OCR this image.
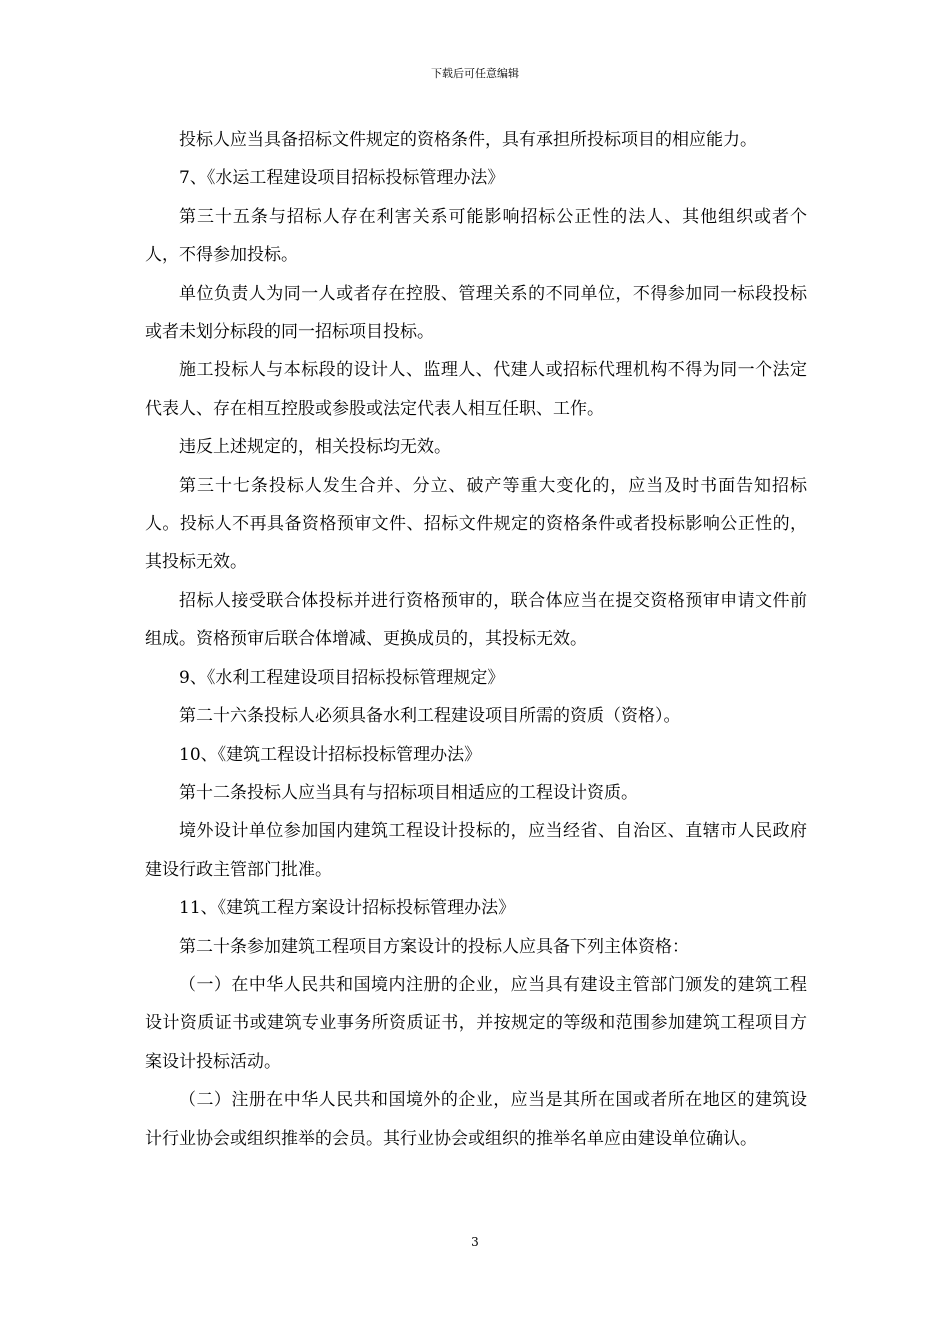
下载后可任意编辑

投标人应当具备招标文件规定的资格条件，具有承担所投标项目的相应能力。

7、《水运工程建设项目招标投标管理办法》

第三十五条与招标人存在利害关系可能影响招标公正性的法人、其他组织或者个人，不得参加投标。

单位负责人为同一人或者存在控股、管理关系的不同单位，不得参加同一标段投标或者未划分标段的同一招标项目投标。

施工投标人与本标段的设计人、监理人、代建人或招标代理机构不得为同一个法定代表人、存在相互控股或参股或法定代表人相互任职、工作。

违反上述规定的，相关投标均无效。

第三十七条投标人发生合并、分立、破产等重大变化的，应当及时书面告知招标人。投标人不再具备资格预审文件、招标文件规定的资格条件或者投标影响公正性的，其投标无效。

招标人接受联合体投标并进行资格预审的，联合体应当在提交资格预审申请文件前组成。资格预审后联合体增减、更换成员的，其投标无效。

9、《水利工程建设项目招标投标管理规定》

第二十六条投标人必须具备水利工程建设项目所需的资质（资格）。

10、《建筑工程设计招标投标管理办法》

第十二条投标人应当具有与招标项目相适应的工程设计资质。

境外设计单位参加国内建筑工程设计投标的，应当经省、自治区、直辖市人民政府建设行政主管部门批准。

11、《建筑工程方案设计招标投标管理办法》

第二十条参加建筑工程项目方案设计的投标人应具备下列主体资格：

（一）在中华人民共和国境内注册的企业，应当具有建设主管部门颁发的建筑工程设计资质证书或建筑专业事务所资质证书，并按规定的等级和范围参加建筑工程项目方案设计投标活动。

（二）注册在中华人民共和国境外的企业，应当是其所在国或者所在地区的建筑设计行业协会或组织推举的会员。其行业协会或组织的推举名单应由建设单位确认。

3
